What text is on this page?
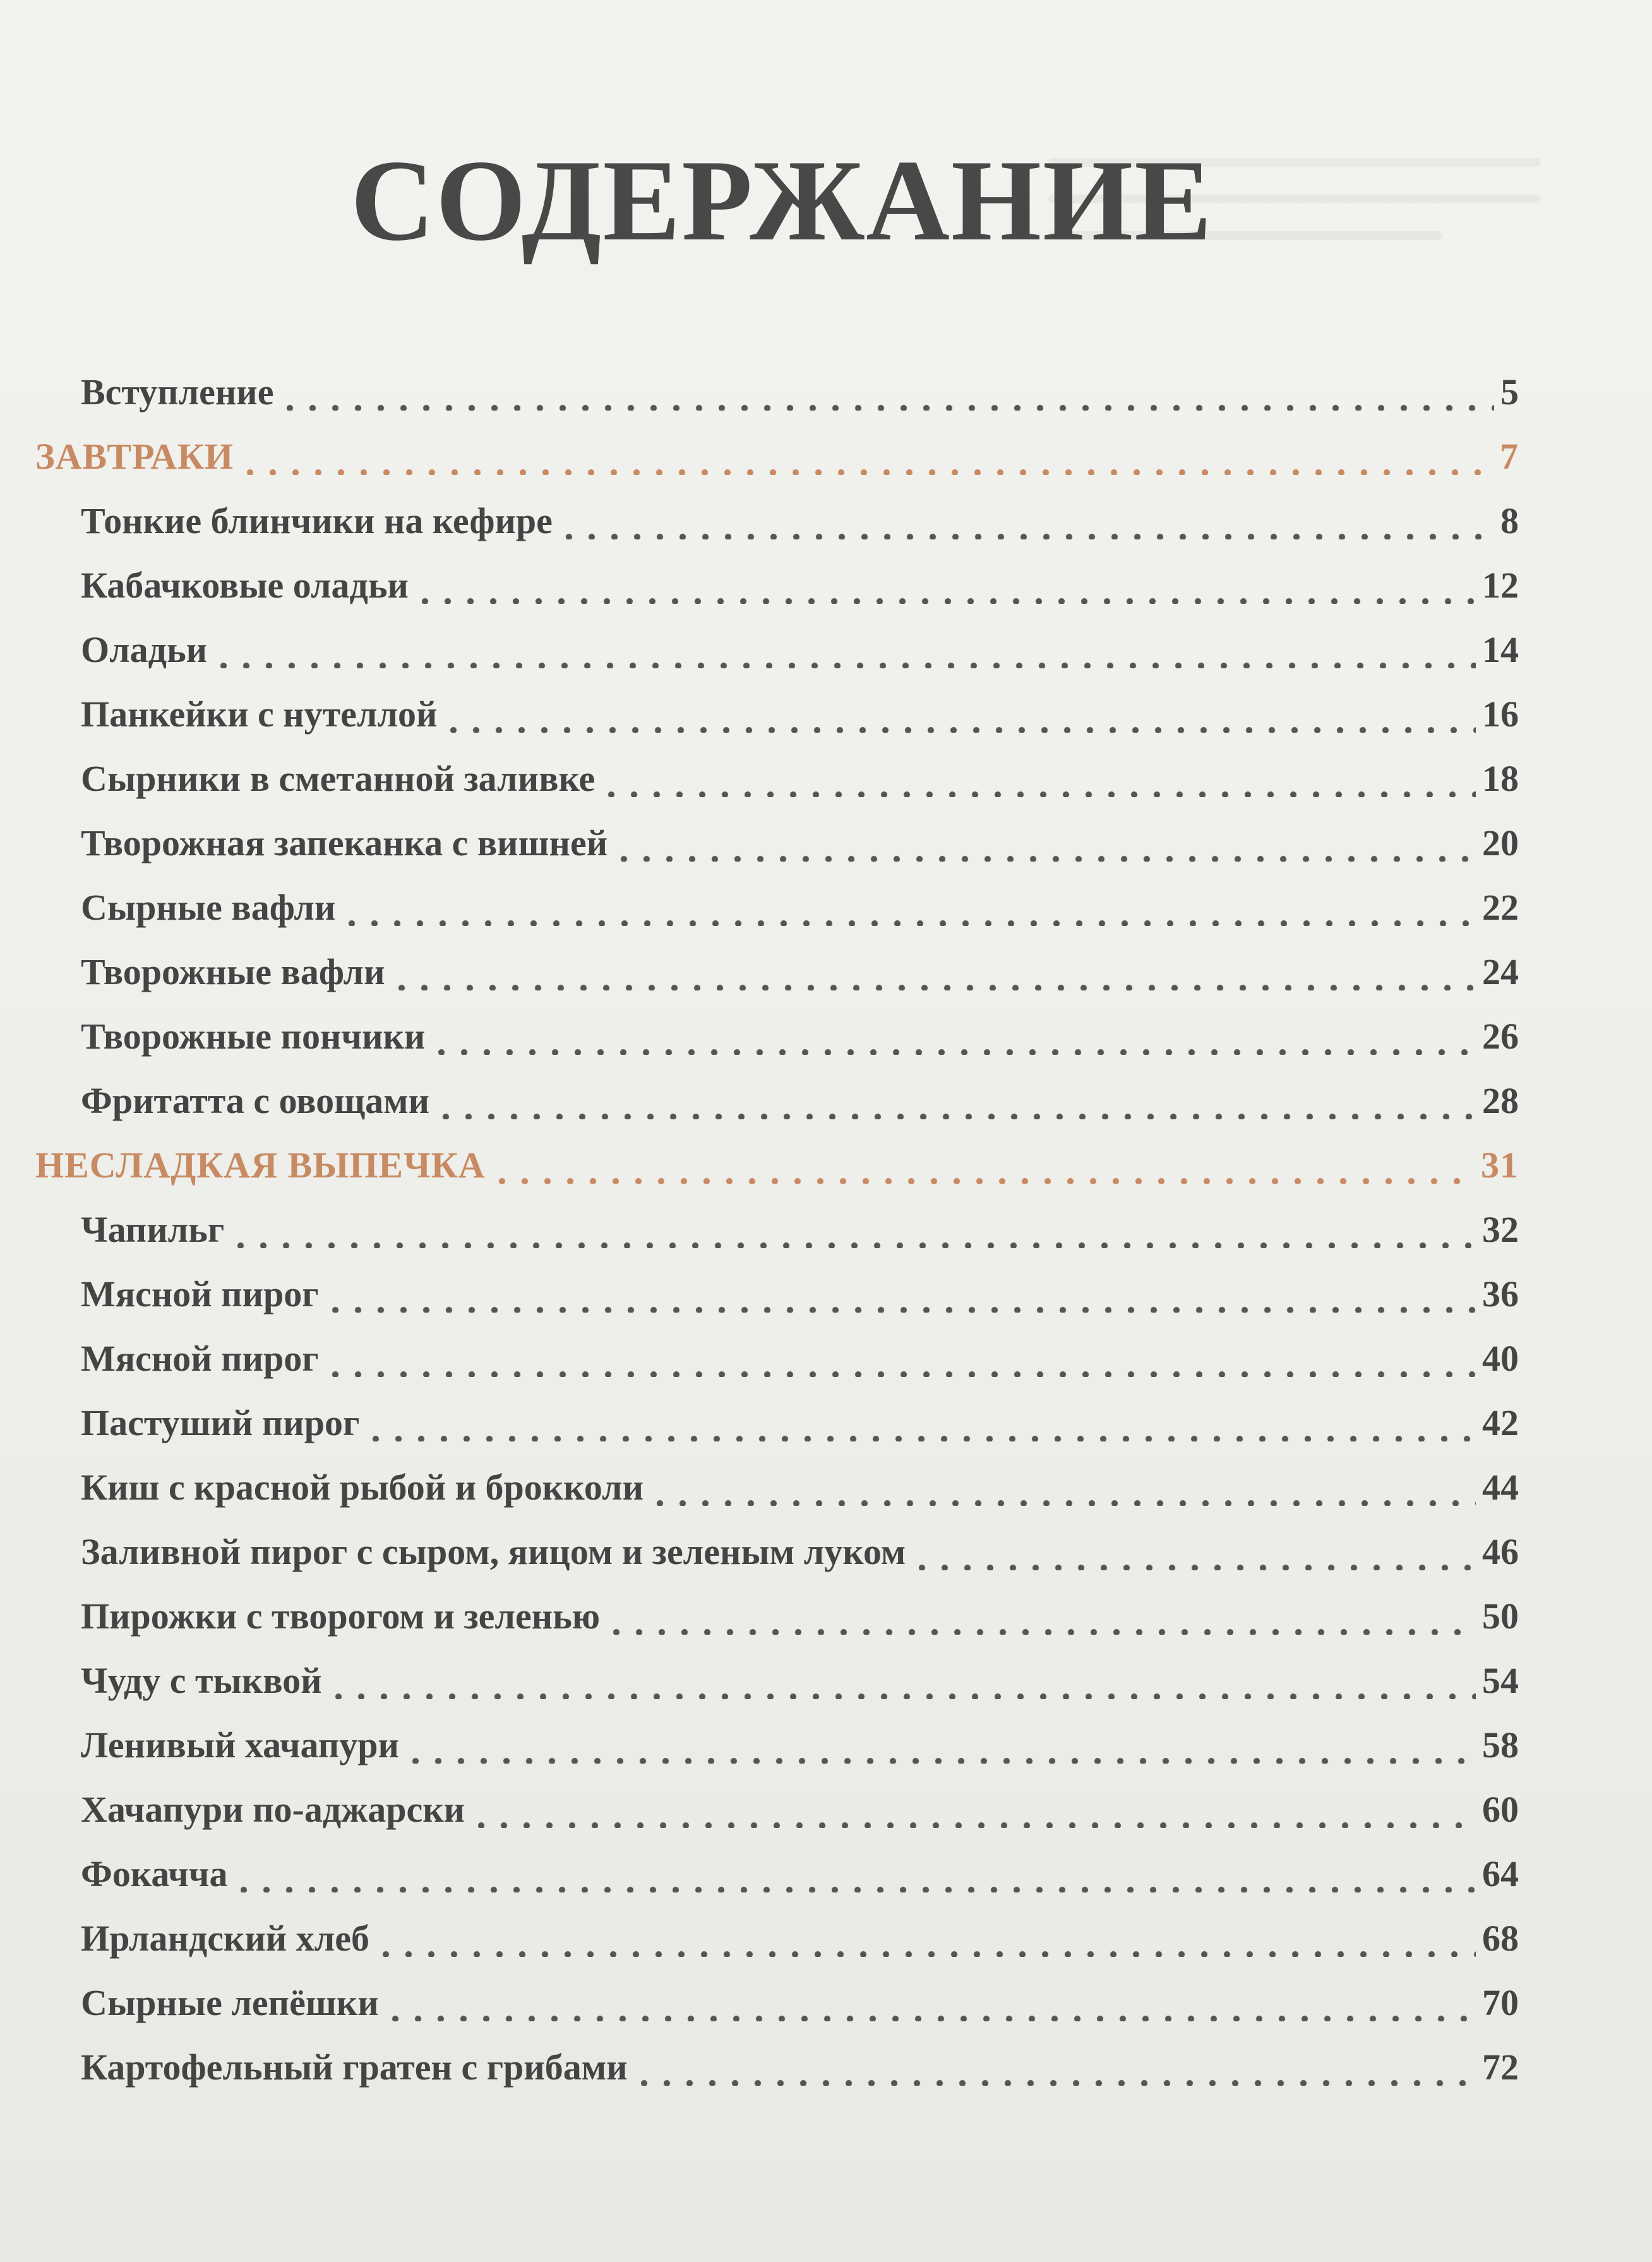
СОДЕРЖАНИЕ
Вступление	5
ЗАВТРАКИ	7
Тонкие блинчики на кефире	8
Кабачковые оладьи	12
Оладьи	14
Панкейки с нутеллой	16
Сырники в сметанной заливке	18
Творожная запеканка с вишней	20
Сырные вафли	22
Творожные вафли	24
Творожные пончики	26
Фритатта с овощами	28
НЕСЛАДКАЯ ВЫПЕЧКА	31
Чапильг	32
Мясной пирог	36
Мясной пирог	40
Пастуший пирог	42
Киш с красной рыбой и брокколи	44
Заливной пирог с сыром, яицом и зеленым луком	46
Пирожки с творогом и зеленью	50
Чуду с тыквой	54
Ленивый хачапури	58
Хачапури по-аджарски	60
Фокачча	64
Ирландский хлеб	68
Сырные лепёшки	70
Картофельный гратен с грибами	72
